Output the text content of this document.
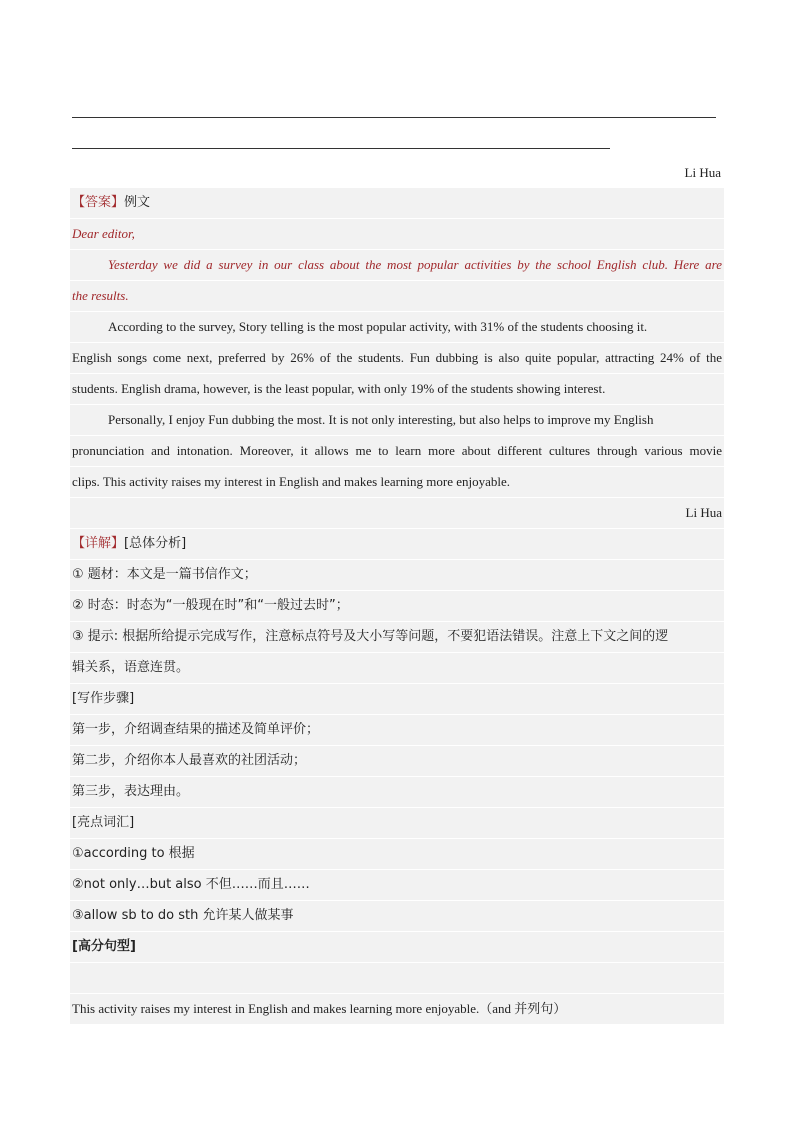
Li Hua
【答案】例文
Dear editor,
Yesterday we did a survey in our class about the most popular activities by the school English club. Here are
the results.
According to the survey, Story telling is the most popular activity, with 31% of the students choosing it.
English songs come next, preferred by 26% of the students. Fun dubbing is also quite popular, attracting 24% of the
students. English drama, however, is the least popular, with only 19% of the students showing interest.
Personally, I enjoy Fun dubbing the most. It is not only interesting, but also helps to improve my English
pronunciation and intonation. Moreover, it allows me to learn more about different cultures through various movie
clips. This activity raises my interest in English and makes learning more enjoyable.
Li Hua
【详解】[总体分析]
① 题材：本文是一篇书信作文；
② 时态：时态为“一般现在时”和“一般过去时”；
③ 提示: 根据所给提示完成写作，注意标点符号及大小写等问题，不要犯语法错误。注意上下文之间的逻
辑关系，语意连贯。
[写作步骤]
第一步，介绍调查结果的描述及简单评价；
第二步，介绍你本人最喜欢的社团活动；
第三步，表达理由。
[亮点词汇]
①according to 根据
②not only…but also 不但……而且……
③allow sb to do sth 允许某人做某事
[高分句型]
This activity raises my interest in English and makes learning more enjoyable.（and 并列句）
